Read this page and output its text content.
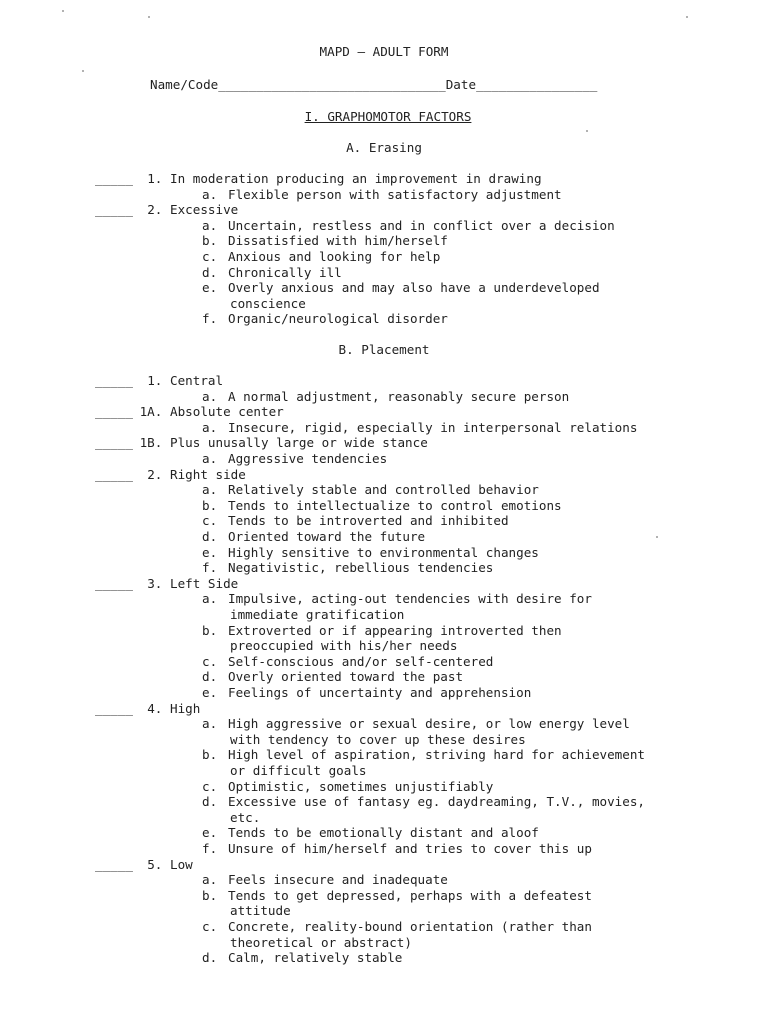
MAPD — ADULT FORM
Name/Code______________________________Date________________
I. GRAPHOMOTOR FACTORS
A. Erasing
_____ 1. In moderation producing an improvement in drawing
a. Flexible person with satisfactory adjustment
_____ 2. Excessive
a. Uncertain, restless and in conflict over a decision
b. Dissatisfied with him/herself
c. Anxious and looking for help
d. Chronically ill
e. Overly anxious and may also have a underdeveloped
conscience
f. Organic/neurological disorder
B. Placement
_____ 1. Central
a. A normal adjustment, reasonably secure person
_____ 1A. Absolute center
a. Insecure, rigid, especially in interpersonal relations
_____ 1B. Plus unusally large or wide stance
a. Aggressive tendencies
_____ 2. Right side
a. Relatively stable and controlled behavior
b. Tends to intellectualize to control emotions
c. Tends to be introverted and inhibited
d. Oriented toward the future
e. Highly sensitive to environmental changes
f. Negativistic, rebellious tendencies
_____ 3. Left Side
a. Impulsive, acting-out tendencies with desire for
immediate gratification
b. Extroverted or if appearing introverted then
preoccupied with his/her needs
c. Self-conscious and/or self-centered
d. Overly oriented toward the past
e. Feelings of uncertainty and apprehension
_____ 4. High
a. High aggressive or sexual desire, or low energy level
with tendency to cover up these desires
b. High level of aspiration, striving hard for achievement
or difficult goals
c. Optimistic, sometimes unjustifiably
d. Excessive use of fantasy eg. daydreaming, T.V., movies,
etc.
e. Tends to be emotionally distant and aloof
f. Unsure of him/herself and tries to cover this up
_____ 5. Low
a. Feels insecure and inadequate
b. Tends to get depressed, perhaps with a defeatest
attitude
c. Concrete, reality-bound orientation (rather than
theoretical or abstract)
d. Calm, relatively stable
